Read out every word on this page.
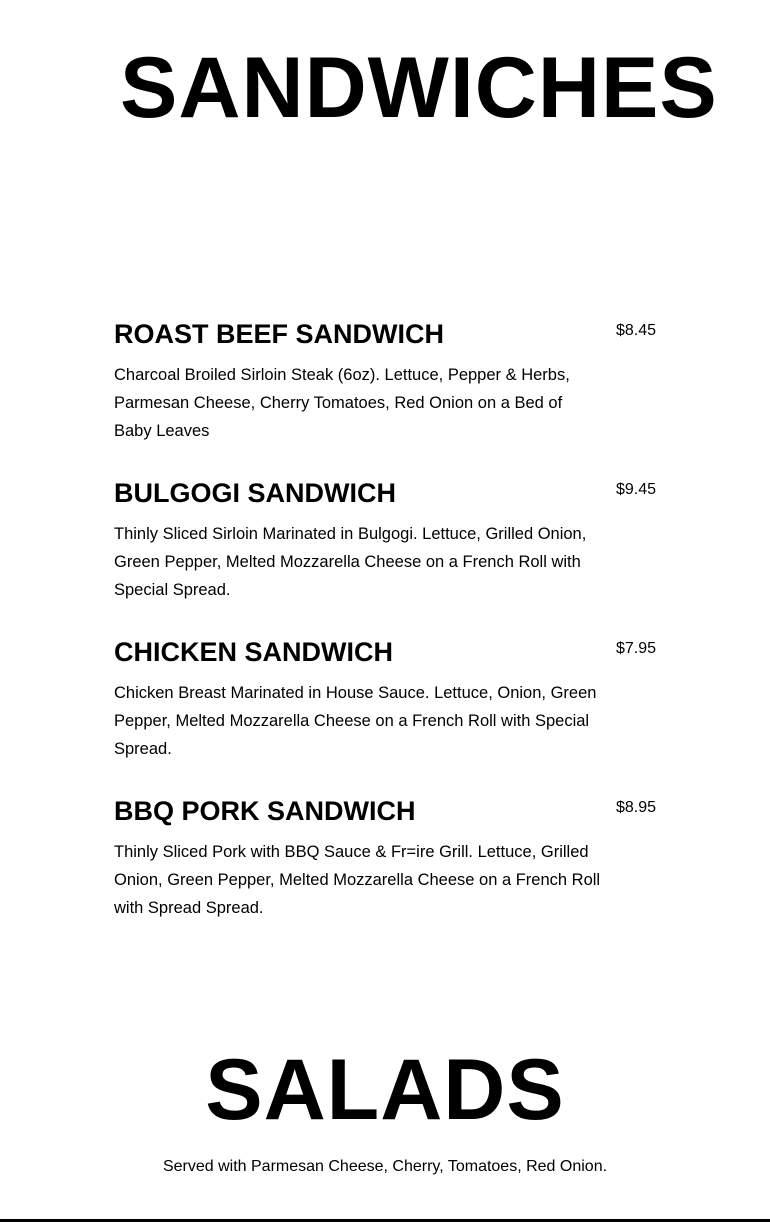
SANDWICHES
ROAST BEEF SANDWICH	$8.45
Charcoal Broiled Sirloin Steak (6oz). Lettuce, Pepper & Herbs, Parmesan Cheese, Cherry Tomatoes, Red Onion on a Bed of Baby Leaves
BULGOGI SANDWICH	$9.45
Thinly Sliced Sirloin Marinated in Bulgogi. Lettuce, Grilled Onion, Green Pepper, Melted Mozzarella Cheese on a French Roll with Special Spread.
CHICKEN SANDWICH	$7.95
Chicken Breast Marinated in House Sauce. Lettuce, Onion, Green Pepper, Melted Mozzarella Cheese on a French Roll with Special Spread.
BBQ PORK SANDWICH	$8.95
Thinly Sliced Pork with BBQ Sauce & Fr=ire Grill. Lettuce, Grilled Onion, Green Pepper, Melted Mozzarella Cheese on a French Roll with Spread Spread.
SALADS
Served with Parmesan Cheese, Cherry, Tomatoes, Red Onion.
